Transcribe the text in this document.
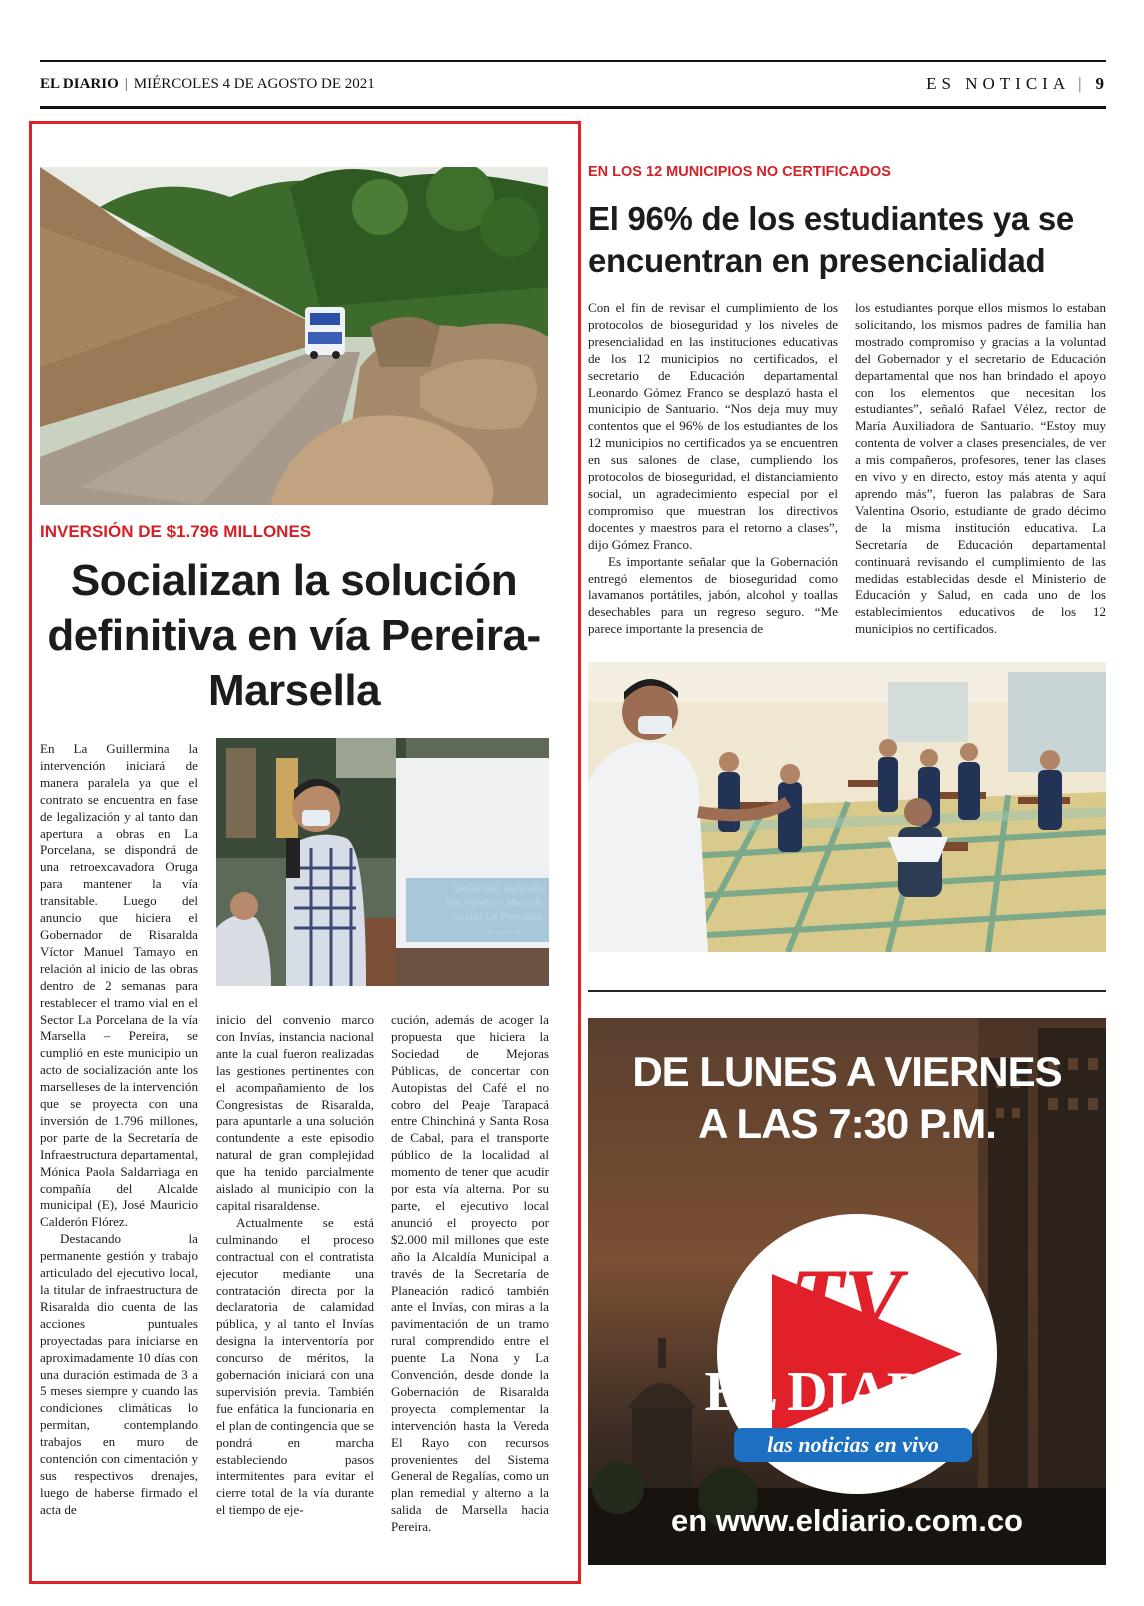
EL DIARIO | MIÉRCOLES 4 DE AGOSTO DE 2021	ES NOTICIA | 9
INVERSIÓN DE $1.796 MILLONES
Socializan la solución definitiva en vía Pereira-Marsella
Solución definitiv
Vía Pereira - Marsell
Sector La Porcelan
3 de agosto de 202

En La Guillermina la intervención iniciará de manera paralela ya que el contrato se encuentra en fase de legalización y al tanto dan apertura a obras en La Porcelana, se dispondrá de una retroexcavadora Oruga para mantener la vía transitable. Luego del anuncio que hiciera el Gobernador de Risaralda Víctor Manuel Tamayo en relación al inicio de las obras dentro de 2 semanas para restablecer el tramo vial en el Sector La Porcelana de la vía Marsella – Pereira, se cumplió en este municipio un acto de socialización ante los marselleses de la intervención que se proyecta con una inversión de 1.796 millones, por parte de la Secretaría de Infraestructura departamental, Mónica Paola Saldarriaga en compañía del Alcalde municipal (E), José Mauricio Calderón Flórez.

Destacando la permanente gestión y trabajo articulado del ejecutivo local, la titular de infraestructura de Risaralda dio cuenta de las acciones puntuales proyectadas para iniciarse en aproximadamente 10 días con una duración estimada de 3 a 5 meses siempre y cuando las condiciones climáticas lo permitan, contemplando trabajos en muro de contención con cimentación y sus respectivos drenajes, luego de haberse firmado el acta de

inicio del convenio marco con Invías, instancia nacional ante la cual fueron realizadas las gestiones pertinentes con el acompañamiento de los Congresistas de Risaralda, para apuntarle a una solución contundente a este episodio natural de gran complejidad que ha tenido parcialmente aislado al municipio con la capital risaraldense.

Actualmente se está culminando el proceso contractual con el contratista ejecutor mediante una contratación directa por la declaratoria de calamidad pública, y al tanto el Invías designa la interventoría por concurso de méritos, la gobernación iniciará con una supervisión previa. También fue enfática la funcionaria en el plan de contingencia que se pondrá en marcha estableciendo pasos intermitentes para evitar el cierre total de la vía durante el tiempo de eje-

cución, además de acoger la propuesta que hiciera la Sociedad de Mejoras Públicas, de concertar con Autopistas del Café el no cobro del Peaje Tarapacá entre Chinchiná y Santa Rosa de Cabal, para el transporte público de la localidad al momento de tener que acudir por esta vía alterna. Por su parte, el ejecutivo local anunció el proyecto por $2.000 mil millones que este año la Alcaldía Municipal a través de la Secretaría de Planeación radicó también ante el Invías, con miras a la pavimentación de un tramo rural comprendido entre el puente La Nona y La Convención, desde donde la Gobernación de Risaralda proyecta complementar la intervención hasta la Vereda El Rayo con recursos provenientes del Sistema General de Regalías, como un plan remedial y alterno a la salida de Marsella hacia Pereira.

EN LOS 12 MUNICIPIOS NO CERTIFICADOS
El 96% de los estudiantes ya se encuentran en presencialidad

Con el fin de revisar el cumplimiento de los protocolos de bioseguridad y los niveles de presencialidad en las instituciones educativas de los 12 municipios no certificados, el secretario de Educación departamental Leonardo Gómez Franco se desplazó hasta el municipio de Santuario. “Nos deja muy muy contentos que el 96% de los estudiantes de los 12 municipios no certificados ya se encuentren en sus salones de clase, cumpliendo los protocolos de bioseguridad, el distanciamiento social, un agradecimiento especial por el compromiso que muestran los directivos docentes y maestros para el retorno a clases”, dijo Gómez Franco.

Es importante señalar que la Gobernación entregó elementos de bioseguridad como lavamanos portátiles, jabón, alcohol y toallas desechables para un regreso seguro. “Me parece importante la presencia de

los estudiantes porque ellos mismos lo estaban solicitando, los mismos padres de familia han mostrado compromiso y gracias a la voluntad del Gobernador y el secretario de Educación departamental que nos han brindado el apoyo con los elementos que necesitan los estudiantes”, señaló Rafael Vélez, rector de María Auxiliadora de Santuario. “Estoy muy contenta de volver a clases presenciales, de ver a mis compañeros, profesores, tener las clases en vivo y en directo, estoy más atenta y aquí aprendo más”, fueron las palabras de Sara Valentina Osorio, estudiante de grado décimo de la misma institución educativa. La Secretaría de Educación departamental continuará revisando el cumplimiento de las medidas establecidas desde el Ministerio de Educación y Salud, en cada uno de los establecimientos educativos de los 12 municipios no certificados.

DE LUNES A VIERNES
A LAS 7:30 P.M.
TV
EL DIARIO
las noticias en vivo
en www.eldiario.com.co
